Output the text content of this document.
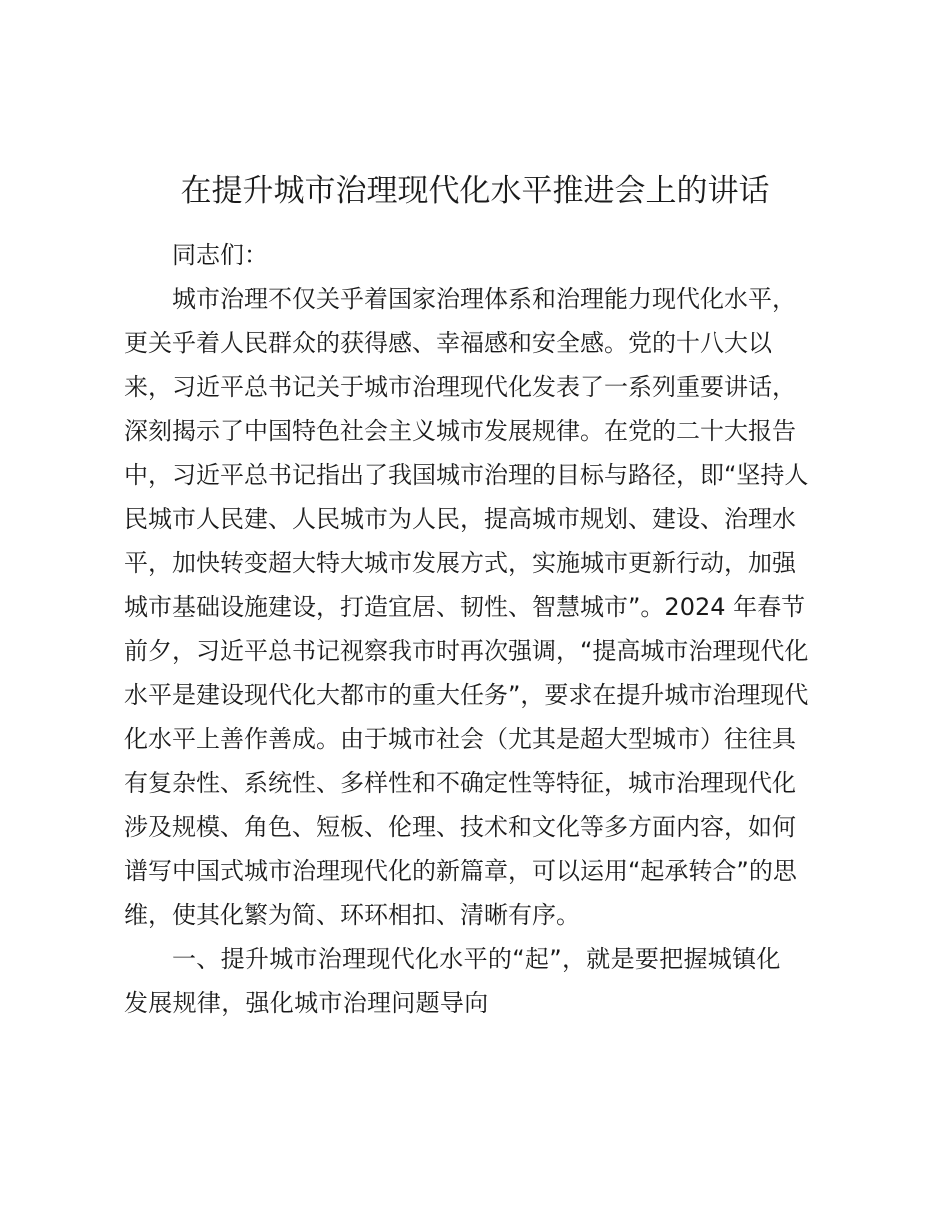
在提升城市治理现代化水平推进会上的讲话
同志们：
城市治理不仅关乎着国家治理体系和治理能力现代化水平，
更关乎着人民群众的获得感、幸福感和安全感。党的十八大以
来，习近平总书记关于城市治理现代化发表了一系列重要讲话，
深刻揭示了中国特色社会主义城市发展规律。在党的二十大报告
中，习近平总书记指出了我国城市治理的目标与路径，即“坚持人
民城市人民建、人民城市为人民，提高城市规划、建设、治理水
平，加快转变超大特大城市发展方式，实施城市更新行动，加强
城市基础设施建设，打造宜居、韧性、智慧城市”。2024 年春节
前夕，习近平总书记视察我市时再次强调，“提高城市治理现代化
水平是建设现代化大都市的重大任务”，要求在提升城市治理现代
化水平上善作善成。由于城市社会（尤其是超大型城市）往往具
有复杂性、系统性、多样性和不确定性等特征，城市治理现代化
涉及规模、角色、短板、伦理、技术和文化等多方面内容，如何
谱写中国式城市治理现代化的新篇章，可以运用“起承转合”的思
维，使其化繁为简、环环相扣、清晰有序。
一、提升城市治理现代化水平的“起”，就是要把握城镇化
发展规律，强化城市治理问题导向
